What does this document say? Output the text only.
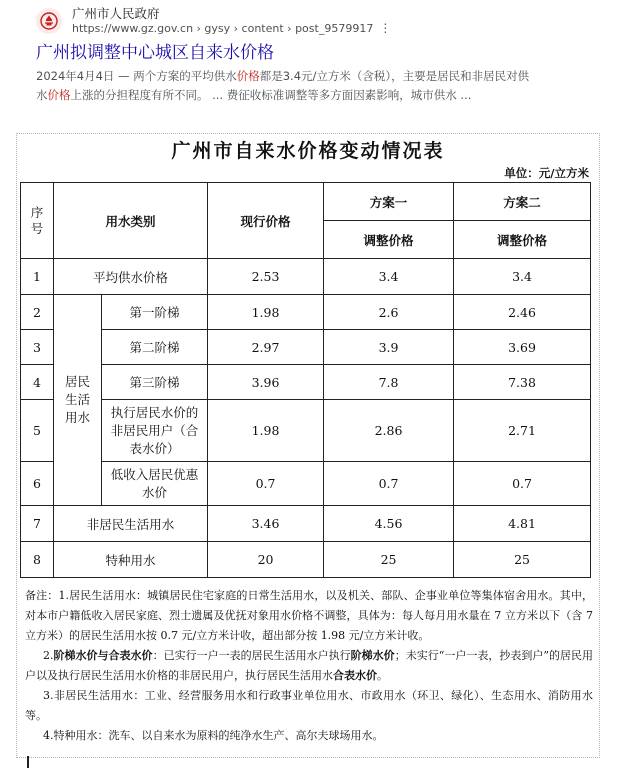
广州市人民政府
https://www.gz.gov.cn › gysy › content › post_9579917 ⋮
广州拟调整中心城区自来水价格
2024年4月4日 — 两个方案的平均供水价格都是3.4元/立方米（含税），主要是居民和非居民对供
水价格上涨的分担程度有所不同。 ... 费征收标准调整等多方面因素影响，城市供水 ...
广州市自来水价格变动情况表
单位：元/立方米
序号	用水类别		现行价格	方案一	方案二
				调整价格	调整价格
1	平均供水价格		2.53	3.4	3.4
2	居民生活用水	第一阶梯	1.98	2.6	2.46
3		第二阶梯	2.97	3.9	3.69
4		第三阶梯	3.96	7.8	7.38
5		执行居民水价的非居民用户（合表水价）	1.98	2.86	2.71
6		低收入居民优惠水价	0.7	0.7	0.7
7	非居民生活用水		3.46	4.56	4.81
8	特种用水		20	25	25

备注：1.居民生活用水：城镇居民住宅家庭的日常生活用水，以及机关、部队、企事业单位等集体宿舍用水。其中，对本市户籍低收入居民家庭、烈士遗属及优抚对象用水价格不调整，具体为：每人每月用水量在 7 立方米以下（含 7 立方米）的居民生活用水按 0.7 元/立方米计收，超出部分按 1.98 元/立方米计收。

2.阶梯水价与合表水价：已实行一户一表的居民生活用水户执行阶梯水价；未实行“一户一表，抄表到户”的居民用户以及执行居民生活用水价格的非居民用户，执行居民生活用水合表水价。

3.非居民生活用水：工业、经营服务用水和行政事业单位用水、市政用水（环卫、绿化）、生态用水、消防用水等。

4.特种用水：洗车、以自来水为原料的纯净水生产、高尔夫球场用水。
